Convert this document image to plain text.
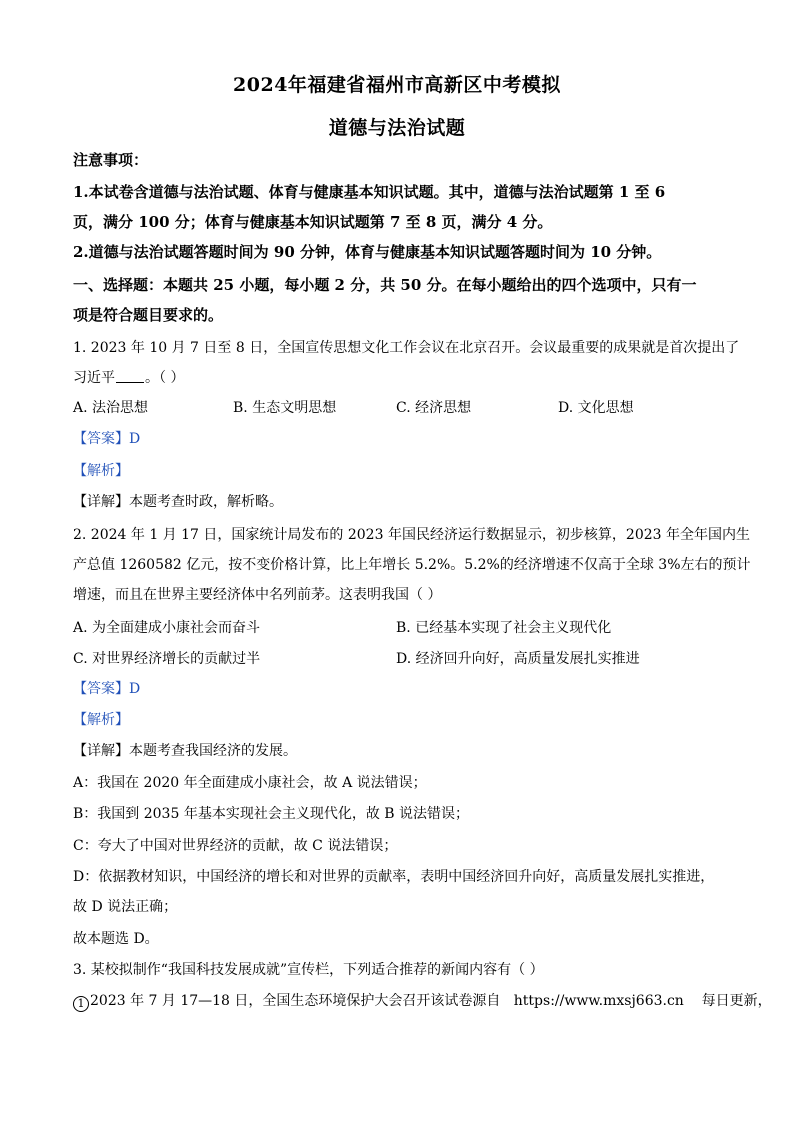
2024年福建省福州市高新区中考模拟
道德与法治试题
注意事项：
1.本试卷含道德与法治试题、体育与健康基本知识试题。其中，道德与法治试题第 1 至 6
页，满分 100 分；体育与健康基本知识试题第 7 至 8 页，满分 4 分。
2.道德与法治试题答题时间为 90 分钟，体育与健康基本知识试题答题时间为 10 分钟。
一、选择题：本题共 25 小题，每小题 2 分，共 50 分。在每小题给出的四个选项中，只有一
项是符合题目要求的。
1. 2023 年 10 月 7 日至 8 日，全国宣传思想文化工作会议在北京召开。会议最重要的成果就是首次提出了
习近平 。（ ）
A. 法治思想	B. 生态文明思想	C. 经济思想	D. 文化思想
【答案】D
【解析】
【详解】本题考查时政，解析略。
2. 2024 年 1 月 17 日，国家统计局发布的 2023 年国民经济运行数据显示，初步核算，2023 年全年国内生
产总值 1260582 亿元，按不变价格计算，比上年增长 5.2%。5.2%的经济增速不仅高于全球 3%左右的预计
增速，而且在世界主要经济体中名列前茅。这表明我国（ ）
A. 为全面建成小康社会而奋斗	B. 已经基本实现了社会主义现代化
C. 对世界经济增长的贡献过半	D. 经济回升向好，高质量发展扎实推进
【答案】D
【解析】
【详解】本题考查我国经济的发展。
A：我国在 2020 年全面建成小康社会，故 A 说法错误；
B：我国到 2035 年基本实现社会主义现代化，故 B 说法错误；
C：夸大了中国对世界经济的贡献，故 C 说法错误；
D：依据教材知识，中国经济的增长和对世界的贡献率，表明中国经济回升向好，高质量发展扎实推进，
故 D 说法正确；
故本题选 D。
3. 某校拟制作“我国科技发展成就”宣传栏，下列适合推荐的新闻内容有（ ）
1 2023 年 7 月 17—18 日，全国生态环境保护大会召开该试卷源自 https://www.mxsj663.cn 每日更新，
